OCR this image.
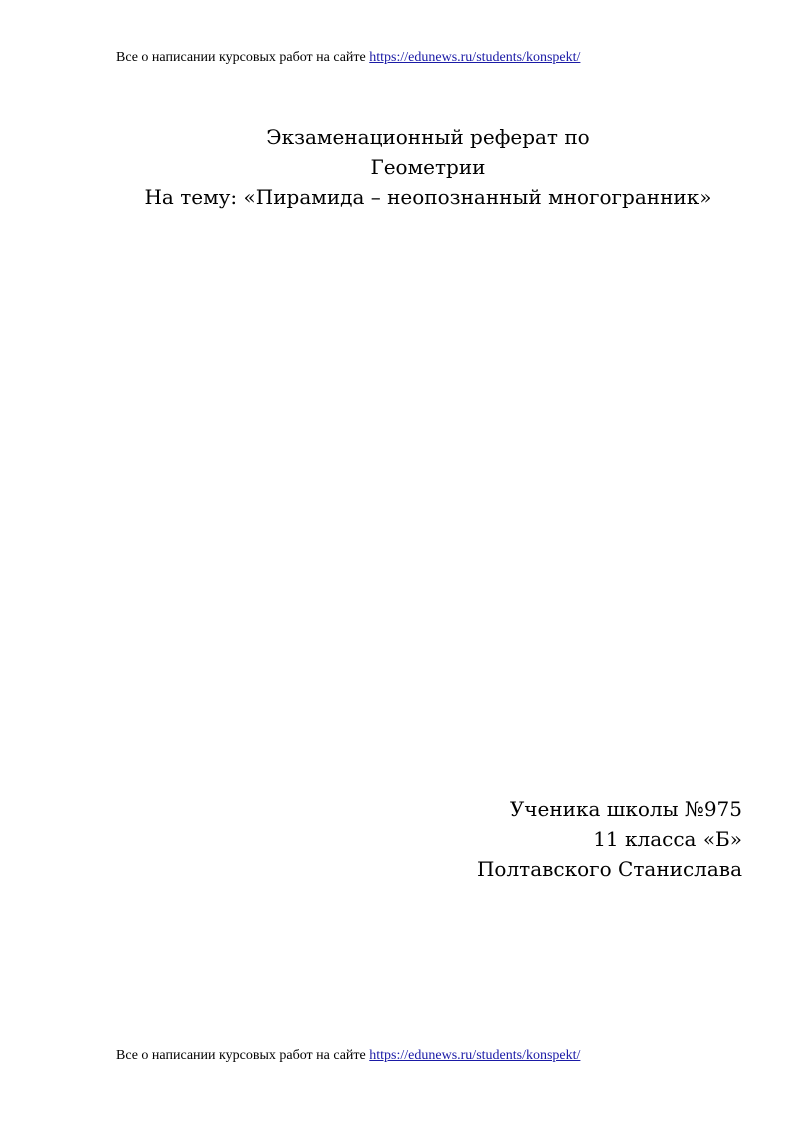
Все о написании курсовых работ на сайте https://edunews.ru/students/konspekt/
Экзаменационный реферат по
Геометрии
На тему: «Пирамида – неопознанный многогранник»
Ученика школы №975
11 класса «Б»
Полтавского Станислава
Все о написании курсовых работ на сайте https://edunews.ru/students/konspekt/
